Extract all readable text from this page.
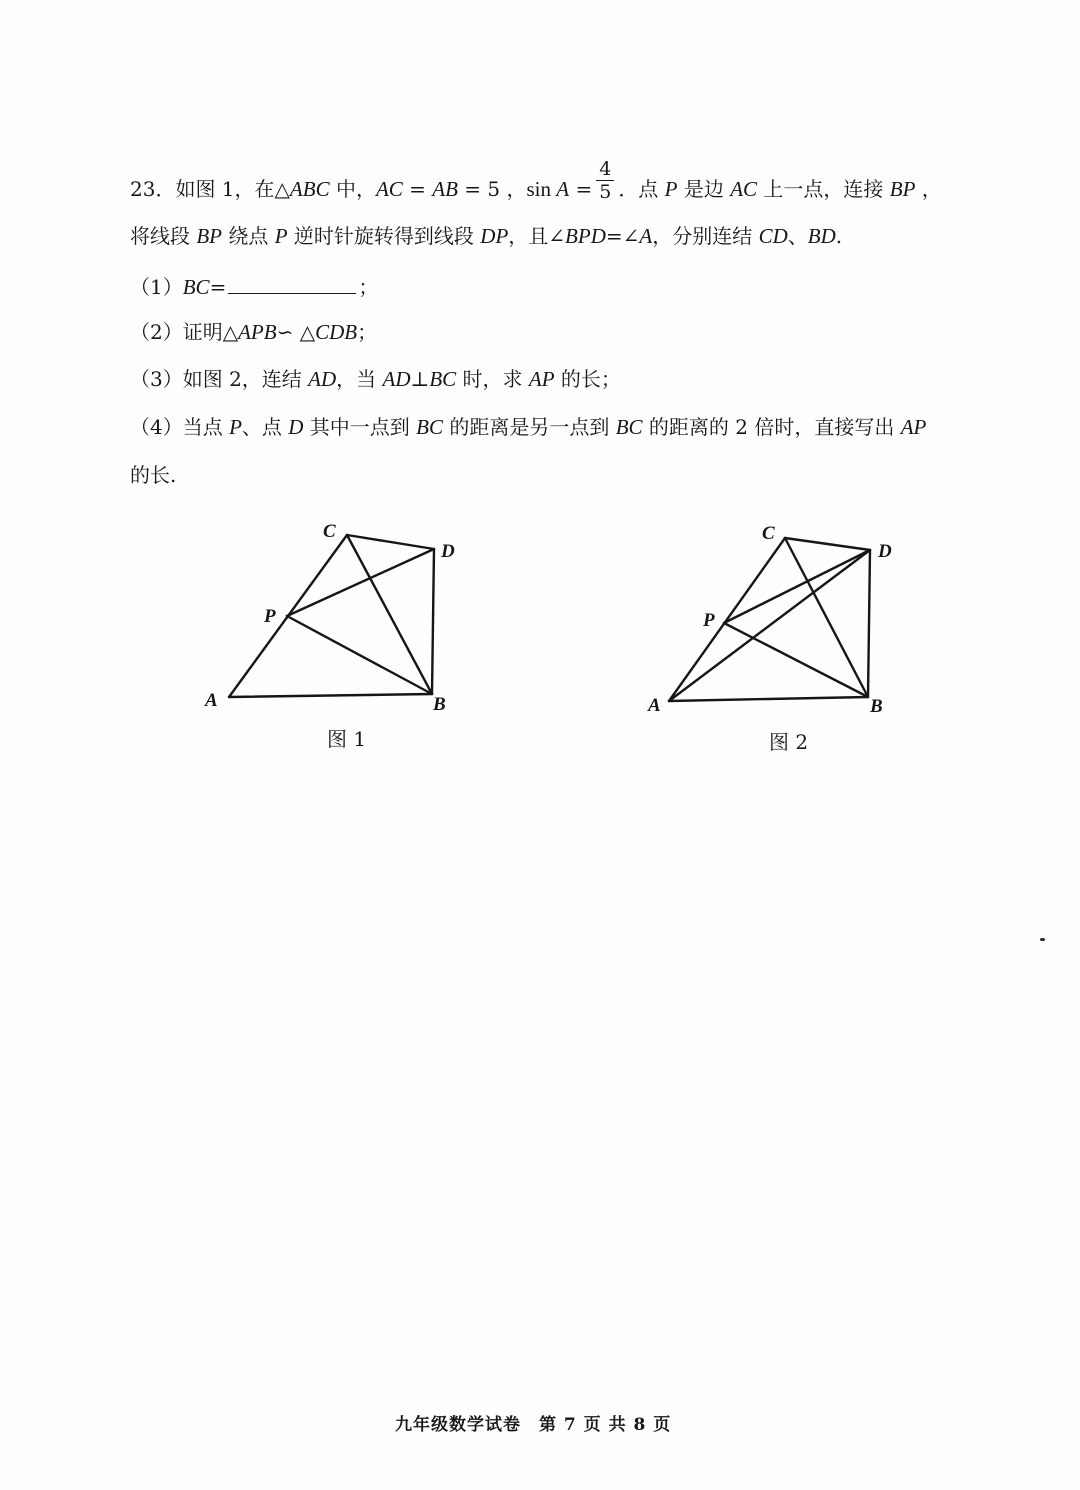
23．如图 1，在△ABC 中，AC = AB = 5 ，$\sin A = \frac{4}{5}$ ．点 P 是边 AC 上一点，连接 BP ，
将线段 BP 绕点 P 逆时针旋转得到线段 DP，且∠BPD=∠A，分别连结 CD、BD.
（1）BC=	；
（2）证明△APB∽ △CDB；
（3）如图 2，连结 AD，当 AD⊥BC 时，求 AP 的长；
（4）当点 P、点 D 其中一点到 BC 的距离是另一点到 BC 的距离的 2 倍时，直接写出 AP
的长.
C
D
P
A	B
图 1
C
D
P
A	B
图 2
九年级数学试卷　第 7 页 共 8 页
